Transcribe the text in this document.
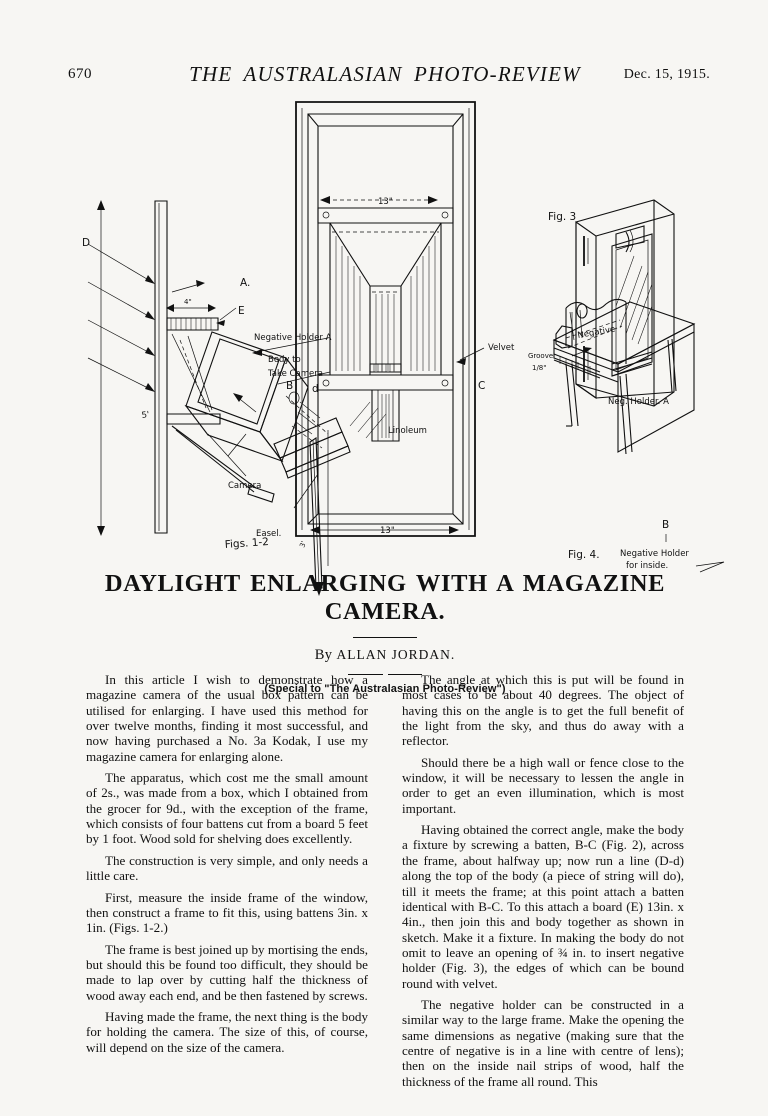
670	THE AUSTRALASIAN PHOTO-REVIEW	Dec. 15, 1915.
D
5'
4"
A.
E
Negative Holder A
Body to
Take Camera
d
Camera
Easel.
Figs. 1-2
13"
B	C
13"
3'
Linoleum
Velvet
Fig. 3
Groove
1/8"
Neg. Holder. A
Negative
B
Fig. 4. Negative Holder
for inside.
DAYLIGHT ENLARGING WITH A MAGAZINE CAMERA.

By ALLAN JORDAN.

(Special to "The Australasian Photo-Review")

In this article I wish to demonstrate how a magazine camera of the usual box pattern can be utilised for enlarging. I have used this method for over twelve months, finding it most successful, and now having purchased a No. 3a Kodak, I use my magazine camera for enlarging alone.

The apparatus, which cost me the small amount of 2s., was made from a box, which I obtained from the grocer for 9d., with the exception of the frame, which consists of four battens cut from a board 5 feet by 1 foot. Wood sold for shelving does excellently.

The construction is very simple, and only needs a little care.

First, measure the inside frame of the window, then construct a frame to fit this, using battens 3in. x 1in. (Figs. 1-2.)

The frame is best joined up by mortising the ends, but should this be found too difficult, they should be made to lap over by cutting half the thickness of wood away each end, and be then fastened by screws.

Having made the frame, the next thing is the body for holding the camera. The size of this, of course, will depend on the size of the camera.

The angle at which this is put will be found in most cases to be about 40 degrees. The object of having this on the angle is to get the full benefit of the light from the sky, and thus do away with a reflector.

Should there be a high wall or fence close to the window, it will be necessary to lessen the angle in order to get an even illumination, which is most important.

Having obtained the correct angle, make the body a fixture by screwing a batten, B-C (Fig. 2), across the frame, about halfway up; now run a line (D-d) along the top of the body (a piece of string will do), till it meets the frame; at this point attach a batten identical with B-C. To this attach a board (E) 13in. x 4in., then join this and body together as shown in sketch. Make it a fixture. In making the body do not omit to leave an opening of ¾ in. to insert negative holder (Fig. 3), the edges of which can be bound round with velvet.

The negative holder can be constructed in a similar way to the large frame. Make the opening the same dimensions as negative (making sure that the centre of negative is in a line with centre of lens); then on the inside nail strips of wood, half the thickness of the frame all round. This
